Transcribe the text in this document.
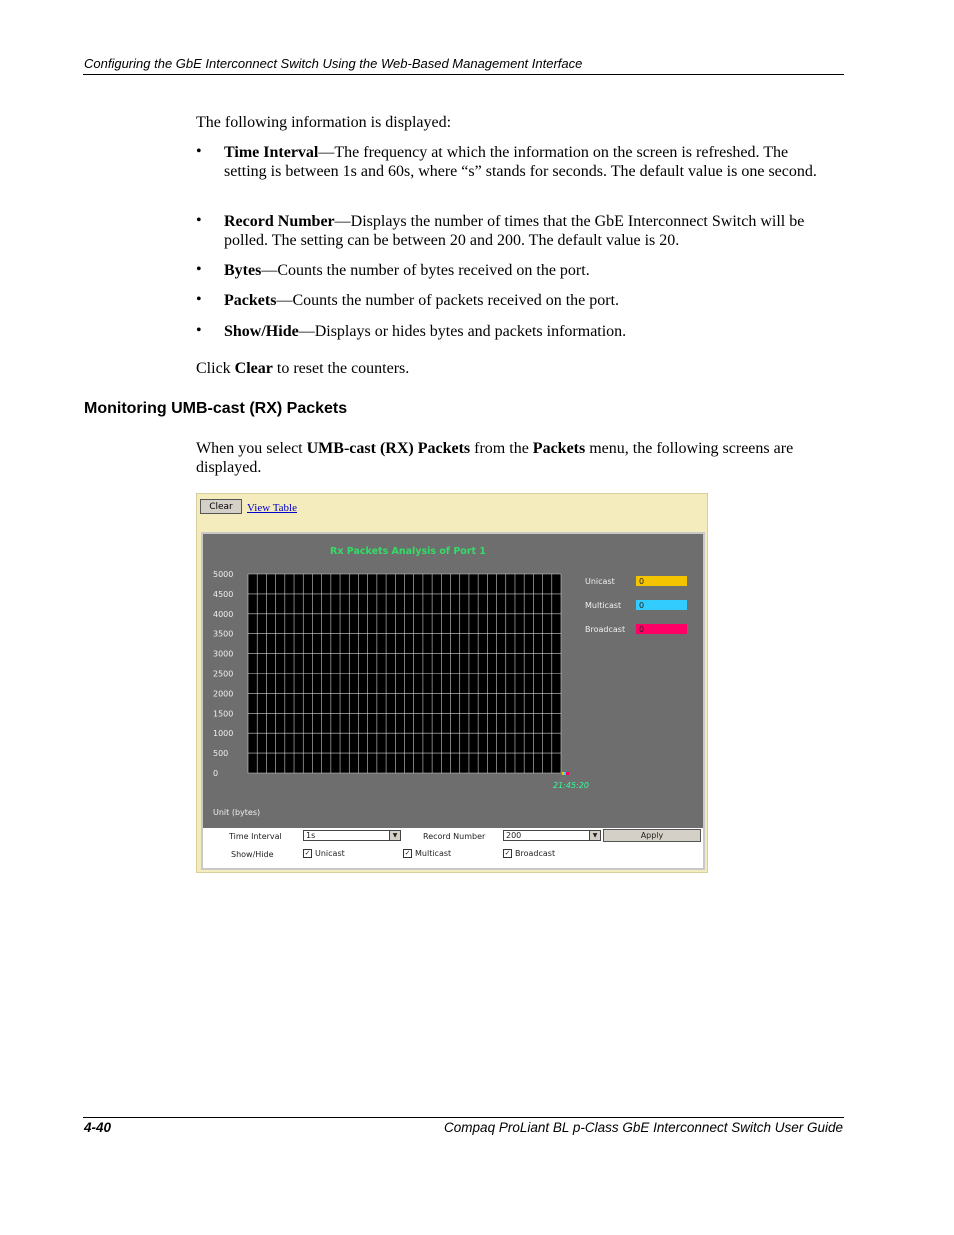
Configuring the GbE Interconnect Switch Using the Web-Based Management Interface
The following information is displayed:
• Time Interval—The frequency at which the information on the screen is refreshed. The setting is between 1s and 60s, where “s” stands for seconds. The default value is one second.
• Record Number—Displays the number of times that the GbE Interconnect Switch will be polled. The setting can be between 20 and 200. The default value is 20.
• Bytes—Counts the number of bytes received on the port.
• Packets—Counts the number of packets received on the port.
• Show/Hide—Displays or hides bytes and packets information.
Click Clear to reset the counters.
Monitoring UMB-cast (RX) Packets
When you select UMB-cast (RX) Packets from the Packets menu, the following screens are displayed.
Clear	View Table
Rx Packets Analysis of Port 1
5000
4500
4000
3500
3000
2500
2000
1500
1000
500
0
21:45:20
Unicast	0
Multicast 0
Broadcast 0
Unit (bytes)
Time Interval	1s	▼	Record Number	200	▼	Apply
Show/Hide	✓ Unicast	✓ Multicast	✓ Broadcast
4-40	Compaq ProLiant BL p-Class GbE Interconnect Switch User Guide
